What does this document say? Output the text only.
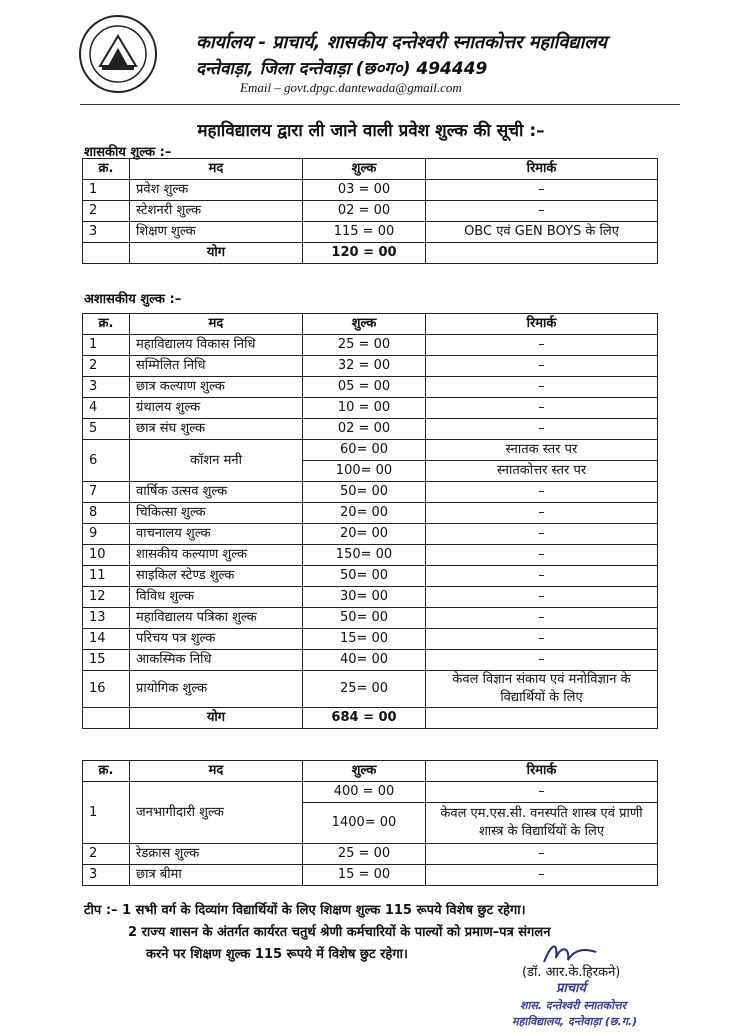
कार्यालय - प्राचार्य, शासकीय दन्तेश्वरी स्नातकोत्तर महाविद्यालय
दन्तेवाड़ा, जिला दन्तेवाड़ा (छ०ग०) 494449
Email – govt.dpgc.dantewada@gmail.com
महाविद्यालय द्वारा ली जाने वाली प्रवेश शुल्क की सूची :–
शासकीय शुल्क :–
क्र.	मद	शुल्क	रिमार्क
1	प्रवेश शुल्क	03 = 00	–
2	स्टेशनरी शुल्क	02 = 00	–
3	शिक्षण शुल्क	115 = 00	OBC एवं GEN BOYS के लिए
	योग	120 = 00	
अशासकीय शुल्क :–
क्र.	मद	शुल्क	रिमार्क
1	महाविद्यालय विकास निधि	25 = 00	–
2	सम्मिलित निधि	32 = 00	–
3	छात्र कल्याण शुल्क	05 = 00	–
4	ग्रंथालय शुल्क	10 = 00	–
5	छात्र संघ शुल्क	02 = 00	–
6	कॉशन मनी	60= 00	स्नातक स्तर पर
		100= 00	स्नातकोत्तर स्तर पर
7	वार्षिक उत्सव शुल्क	50= 00	–
8	चिकित्सा शुल्क	20= 00	–
9	वाचनालय शुल्क	20= 00	–
10	शासकीय कल्याण शुल्क	150= 00	–
11	साइकिल स्टेण्ड शुल्क	50= 00	–
12	विविध शुल्क	30= 00	–
13	महाविद्यालय पत्रिका शुल्क	50= 00	–
14	परिचय पत्र शुल्क	15= 00	–
15	आकस्मिक निधि	40= 00	–
16	प्रायोगिक शुल्क	25= 00	केवल विज्ञान संकाय एवं मनोविज्ञान के विद्यार्थियों के लिए
	योग	684 = 00	
क्र.	मद	शुल्क	रिमार्क
1	जनभागीदारी शुल्क	400 = 00	–
		1400= 00	केवल एम.एस.सी. वनस्पति शास्त्र एवं प्राणी शास्त्र के विद्यार्थियों के लिए
2	रेडक्रास शुल्क	25 = 00	–
3	छात्र बीमा	15 = 00	–
टीप :– 1 सभी वर्ग के दिव्यांग विद्यार्थियों के लिए शिक्षण शुल्क 115 रूपये विशेष छुट रहेगा।
2 राज्य शासन के अंतर्गत कार्यरत चतुर्थ श्रेणी कर्मचारियों के पाल्यों को प्रमाण–पत्र संगलन
करने पर शिक्षण शुल्क 115 रूपये में विशेष छुट रहेगा।
(डॉ. आर.के.हिरकने)
प्राचार्य
शास. दन्तेश्वरी स्नातकोत्तर
महाविद्यालय, दन्तेवाड़ा (छ.ग.)
